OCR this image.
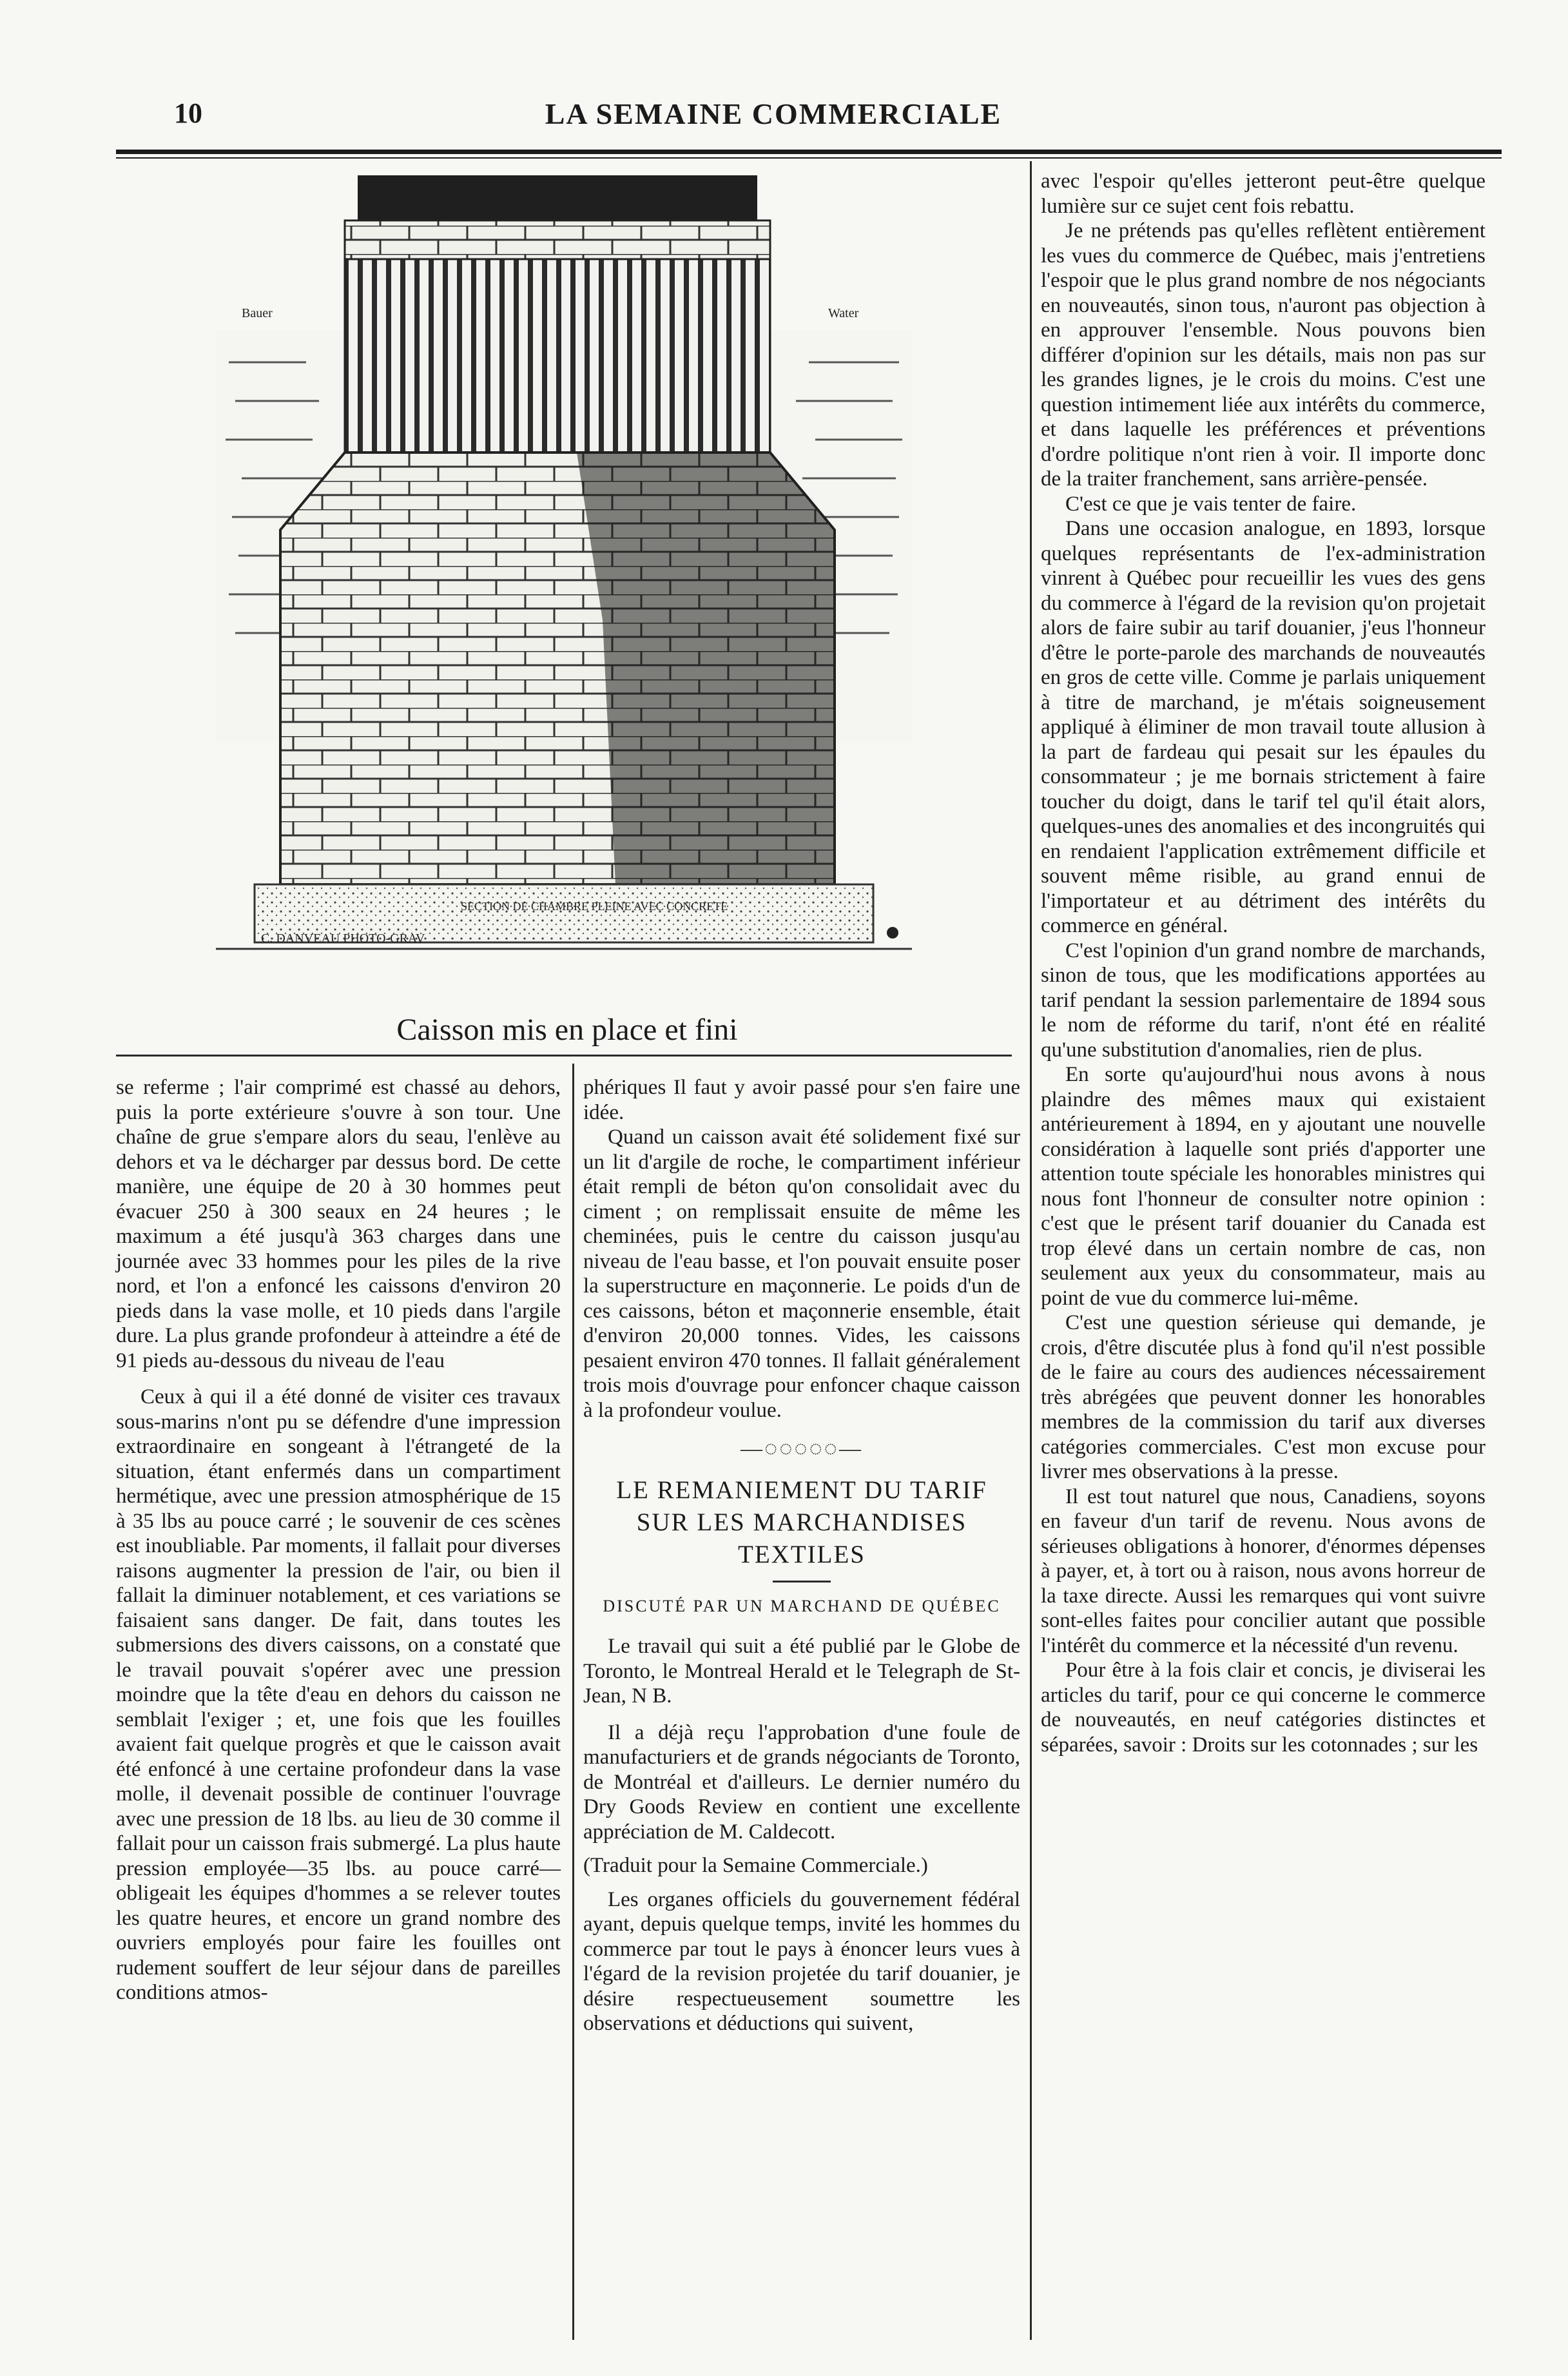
10	LA SEMAINE COMMERCIALE
Bauer	Water
SECTION DE CHAMBRE PLEINE AVEC CONCRETE
C. DANVEAU PHOTO-GRAV
Caisson mis en place et fini

se referme ; l'air comprimé est chassé au dehors, puis la porte extérieure s'ouvre à son tour. Une chaîne de grue s'empare alors du seau, l'enlève au dehors et va le décharger par dessus bord. De cette manière, une équipe de 20 à 30 hommes peut évacuer 250 à 300 seaux en 24 heures ; le maximum a été jusqu'à 363 charges dans une journée avec 33 hommes pour les piles de la rive nord, et l'on a enfoncé les caissons d'environ 20 pieds dans la vase molle, et 10 pieds dans l'argile dure. La plus grande profondeur à atteindre a été de 91 pieds au-dessous du niveau de l'eau

Ceux à qui il a été donné de visiter ces travaux sous-marins n'ont pu se défendre d'une impression extraordinaire en songeant à l'étrangeté de la situation, étant enfermés dans un compartiment hermétique, avec une pression atmosphérique de 15 à 35 lbs au pouce carré ; le souvenir de ces scènes est inoubliable. Par moments, il fallait pour diverses raisons augmenter la pression de l'air, ou bien il fallait la diminuer notablement, et ces variations se faisaient sans danger. De fait, dans toutes les submersions des divers caissons, on a constaté que le travail pouvait s'opérer avec une pression moindre que la tête d'eau en dehors du caisson ne semblait l'exiger ; et, une fois que les fouilles avaient fait quelque progrès et que le caisson avait été enfoncé à une certaine profondeur dans la vase molle, il devenait possible de continuer l'ouvrage avec une pression de 18 lbs. au lieu de 30 comme il fallait pour un caisson frais submergé. La plus haute pression employée—35 lbs. au pouce carré—obligeait les équipes d'hommes a se relever toutes les quatre heures, et encore un grand nombre des ouvriers employés pour faire les fouilles ont rudement souffert de leur séjour dans de pareilles conditions atmos-

phériques Il faut y avoir passé pour s'en faire une idée.

Quand un caisson avait été solidement fixé sur un lit d'argile de roche, le compartiment inférieur était rempli de béton qu'on consolidait avec du ciment ; on remplissait ensuite de même les cheminées, puis le centre du caisson jusqu'au niveau de l'eau basse, et l'on pouvait ensuite poser la superstructure en maçonnerie. Le poids d'un de ces caissons, béton et maçonnerie ensemble, était d'environ 20,000 tonnes. Vides, les caissons pesaient environ 470 tonnes. Il fallait généralement trois mois d'ouvrage pour enfoncer chaque caisson à la profondeur voulue.

—◌◌◌◌◌—
LE REMANIEMENT DU TARIF
SUR LES MARCHANDISES
TEXTILES
DISCUTÉ PAR UN MARCHAND DE QUÉBEC

Le travail qui suit a été publié par le Globe de Toronto, le Montreal Herald et le Telegraph de St-Jean, N B.

Il a déjà reçu l'approbation d'une foule de manufacturiers et de grands négociants de Toronto, de Montréal et d'ailleurs. Le dernier numéro du Dry Goods Review en contient une excellente appréciation de M. Caldecott.

(Traduit pour la Semaine Commerciale.)

Les organes officiels du gouvernement fédéral ayant, depuis quelque temps, invité les hommes du commerce par tout le pays à énoncer leurs vues à l'égard de la revision projetée du tarif douanier, je désire respectueusement soumettre les observations et déductions qui suivent,

avec l'espoir qu'elles jetteront peut-être quelque lumière sur ce sujet cent fois rebattu.

Je ne prétends pas qu'elles reflètent entièrement les vues du commerce de Québec, mais j'entretiens l'espoir que le plus grand nombre de nos négociants en nouveautés, sinon tous, n'auront pas objection à en approuver l'ensemble. Nous pouvons bien différer d'opinion sur les détails, mais non pas sur les grandes lignes, je le crois du moins. C'est une question intimement liée aux intérêts du commerce, et dans laquelle les préférences et préventions d'ordre politique n'ont rien à voir. Il importe donc de la traiter franchement, sans arrière-pensée.

C'est ce que je vais tenter de faire.

Dans une occasion analogue, en 1893, lorsque quelques représentants de l'ex-administration vinrent à Québec pour recueillir les vues des gens du commerce à l'égard de la revision qu'on projetait alors de faire subir au tarif douanier, j'eus l'honneur d'être le porte-parole des marchands de nouveautés en gros de cette ville. Comme je parlais uniquement à titre de marchand, je m'étais soigneusement appliqué à éliminer de mon travail toute allusion à la part de fardeau qui pesait sur les épaules du consommateur ; je me bornais strictement à faire toucher du doigt, dans le tarif tel qu'il était alors, quelques-unes des anomalies et des incongruités qui en rendaient l'application extrêmement difficile et souvent même risible, au grand ennui de l'importateur et au détriment des intérêts du commerce en général.

C'est l'opinion d'un grand nombre de marchands, sinon de tous, que les modifications apportées au tarif pendant la session parlementaire de 1894 sous le nom de réforme du tarif, n'ont été en réalité qu'une substitution d'anomalies, rien de plus.

En sorte qu'aujourd'hui nous avons à nous plaindre des mêmes maux qui existaient antérieurement à 1894, en y ajoutant une nouvelle considération à laquelle sont priés d'apporter une attention toute spéciale les honorables ministres qui nous font l'honneur de consulter notre opinion : c'est que le présent tarif douanier du Canada est trop élevé dans un certain nombre de cas, non seulement aux yeux du consommateur, mais au point de vue du commerce lui-même.

C'est une question sérieuse qui demande, je crois, d'être discutée plus à fond qu'il n'est possible de le faire au cours des audiences nécessairement très abrégées que peuvent donner les honorables membres de la commission du tarif aux diverses catégories commerciales. C'est mon excuse pour livrer mes observations à la presse.

Il est tout naturel que nous, Canadiens, soyons en faveur d'un tarif de revenu. Nous avons de sérieuses obligations à honorer, d'énormes dépenses à payer, et, à tort ou à raison, nous avons horreur de la taxe directe. Aussi les remarques qui vont suivre sont-elles faites pour concilier autant que possible l'intérêt du commerce et la nécessité d'un revenu.

Pour être à la fois clair et concis, je diviserai les articles du tarif, pour ce qui concerne le commerce de nouveautés, en neuf catégories distinctes et séparées, savoir : Droits sur les cotonnades ; sur les
